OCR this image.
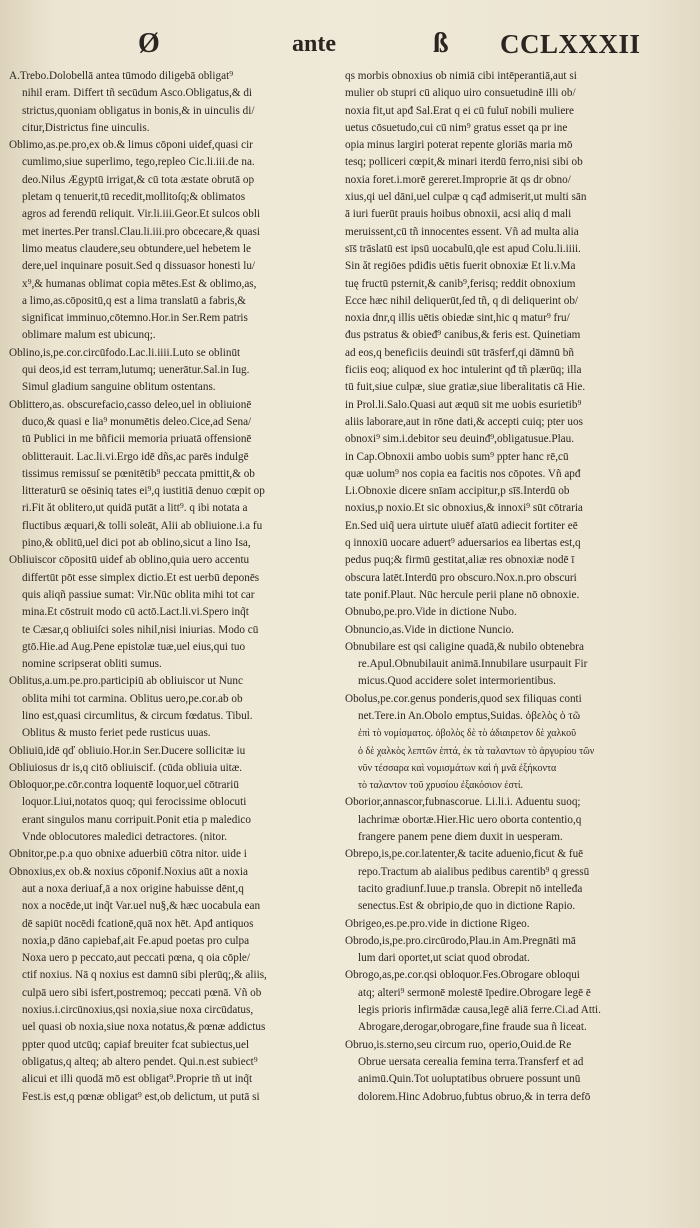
Ø	ante	ß CCLXXXII
A.Trebo.Dolobellā antea tūmodo diligebā obligat⁹
nihil eram. Differt tñ secūdum Asco.Obligatus,& di
strictus,quoniam obligatus in bonis,& in uinculis di/
citur,Districtus fine uinculis.
Oblimo,as.pe.pro,ex ob.& limus cōponi uidef,quasi cir
cumlimo,siue superlimo, tego,repleo Cic.li.iii.de na.
deo.Nilus Ægyptū irrigat,& cū tota æstate obrutā op
pletam q tenuerit,tū recedit,mollitoſq;& oblimatos
agros ad ferendū reliquit. Vir.li.iii.Geor.Et sulcos obli
met inertes.Per transl.Clau.li.iii.pro obcecare,& quasi
limo meatus claudere,seu obtundere,uel hebetem le
dere,uel inquinare posuit.Sed q dissuasor honesti lu/
x⁹,& humanas oblimat copia mētes.Est & oblimo,as,
a limo,as.cōpositū,q est a lima translatū a fabris,&
significat imminuo,cōtemno.Hor.in Ser.Rem patris
oblimare malum est ubicunq;.
Oblino,is,pe.cor.circūfodo.Lac.li.iiii.Luto se oblinūt
qui deos,id est terram,lutumq; uenerātur.Sal.in Iug.
Simul gladium sanguine oblitum ostentans.
Oblittero,as. obscurefacio,casso deleo,uel in obliuionē
duco,& quasi e lia⁹ monumētis deleo.Cice,ad Sena/
tū Publici in me bñficii memoria priuatā offensionē
oblitterauit. Lac.li.vi.Ergo idē dñs,ac parēs indulgē
tissimus remissuſ se pœnitētib⁹ peccata pmittit,& ob
litteraturū se oēsiniq tates ei⁹,q iustitiā denuo cœpit op
ri.Fit ăt oblitero,ut quidā putāt a litt⁹. q ibi notata a
fluctibus æquari,& tolli soleāt, Alii ab obliuione.i.a fu
pino,& oblitū,uel dici pot ab oblino,sicut a lino Isa,
Obliuiscor cōpositū uidef ab oblino,quia uero accentu
differtūt pōt esse simplex dictio.Et est uerbū deponēs
quis aliqñ passiue sumat: Vir.Nūc oblita mihi tot car
mina.Et cōstruit modo cū actō.Lact.li.vi.Spero inq̃t
te Cæsar,q obliuiſci soles nihil,nisi iniurias. Modo cū
gtō.Hie.ad Aug.Pene epistolæ tuæ,uel eius,qui tuo
nomine scripserat obliti sumus.
Oblitus,a.um.pe.pro.participiū ab obliuiscor ut Nunc
oblita mihi tot carmina. Oblitus uero,pe.cor.ab ob
lino est,quasi circumlitus, & circum fœdatus. Tibul.
Oblitus & musto feriet pede rusticus uuas.
Obliuiū,idē qď obliuio.Hor.in Ser.Ducere sollicitæ iu
Obliuiosus dr is,q citō obliuiscif. (cūda obliuia uitæ.
Obloquor,pe.cōr.contra loquentē loquor,uel cōtrariū
loquor.Liui,notatos quoq; qui ferocissime oblocuti
erant singulos manu corripuit.Ponit etia p maledico
Vnde oblocutores maledici detractores. (nitor.
Obnitor,pe.p.a quo obnixe aduerbiū cōtra nitor. uide i
Obnoxius,ex ob.& noxius cōponif.Noxius aūt a noxia
aut a noxa deriuaf,ā a nox origine habuisse dēnt,q
nox a nocēde,ut inq̃t Var.uel nu§,& hæc uocabula ean
dē sapiūt nocēdi fcationē,quā nox hēt. Apđ antiquos
noxia,p dāno capiebaf,ait Fe.apud poetas pro culpa
Noxa uero p peccato,aut peccati pœna, q oia cōple/
ctif noxius. Nā q noxius est damnū sibi plerūq;,& aliis,
culpā uero sibi isfert,postremoq; peccati pœnā. Vñ ob
noxius.i.circūnoxius,qsi noxia,siue noxa circūdatus,
uel quasi ob noxia,siue noxa notatus,& pœnæ addictus
ppter quod utcūq; capiaf breuiter fcat subiectus,uel
obligatus,q alteq; ab altero pendet. Qui.n.est subiect⁹
alicui et illi quodā mō est obligat⁹.Proprie tñ ut inq̃t
Fest.is est,q pœnæ obligat⁹ est,ob delictum, ut putā si
qs morbis obnoxius ob nimiā cibi intēperantiā,aut si
mulier ob stupri cū aliquo uiro consuetudinē illi ob/
noxia fit,ut apđ Sal.Erat q ei cū fuluī nobili muliere
uetus cōsuetudo,cui cū nim⁹ gratus esset qa pr ine
opia minus largiri poterat repente gloriās maria mō
tesq; polliceri cœpit,& minari iterdū ferro,nisi sibi ob
noxia foret.i.morē gereret.Improprie āt qs dr obno/
xius,qi uel dāni,uel culpæ q cąđ admiserit,ut multi sān
ā iuri fuerūt prauis hoibus obnoxii, acsi aliq d mali
meruissent,cū tñ innocentes essent. Vñ ad multa alia
sīs̄ trāslatū est ipsū uocabulū,qle est apud Colu.li.iiii.
Sin ăt regiōes pdiđis uētis fuerit obnoxiæ Et li.v.Ma
tuę fructū psternit,& canib⁹,ferisq; reddit obnoxium
Ecce hæc nihil deliquerūt,ſed tñ, q di deliquerint ob/
noxia dnr,q illis uētis obiedæ sint,hic q matur⁹ fru/
đus pstratus & obieđ⁹ canibus,& feris est. Quinetiam
ad eos,q beneficiis deuindi sūt trāsferf,qi dāmnū bñ
ficiis eoq; aliquod ex hoc intulerint qđ tñ plærūq; illa
tū fuit,siue culpæ, siue gratiæ,siue liberalitatis cā Hie.
in Prol.li.Salo.Quasi aut æquū sit me uobis esurietib⁹
aliis laborare,aut in rōne dati,& accepti cuiq; pter uos
obnoxi⁹ sim.i.debitor seu deuinđ⁹,obligatusue.Plau.
in Cap.Obnoxii ambo uobis sum⁹ ppter hanc rē,cū
quæ uolum⁹ nos copia ea facitis nos cōpotes. Vñ apđ
Li.Obnoxie dicere snīam accipitur,p sīs̄.Interdū ob
noxius,p noxio.Et sic obnoxius,& innoxi⁹ sūt cōtraria
En.Sed uiq̃ uera uirtute uiuēf aīatū adiecit fortiter eē
q innoxiū uocare aduert⁹ aduersarios ea libertas est,q
pedus puq;& firmū gestitat,aliæ res obnoxiæ nodē ī
obscura latēt.Interdū pro obscuro.Nox.n.pro obscuri
tate ponif.Plaut. Nūc hercule perii plane nō obnoxie.
Obnubo,pe.pro.Vide in dictione Nubo.
Obnuncio,as.Vide in dictione Nuncio.
Obnubilare est qsi caligine quadā,& nubilo obtenebra
re.Apul.Obnubilauit animā.Innubilare usurpauit Fir
micus.Quod accidere solet intermorientibus.
Obolus,pe.cor.genus ponderis,quod sex filiquas conti
net.Tere.in An.Obolo emptus,Suidas. ὀβελὸς ὁ τῶ
ἐπὶ τὸ νομίσματος. ὀβολὸς δὲ τὸ ἀδιαιρετον δὲ χαλκοῦ
ὁ δὲ χαλκὸς λεπτῶν ἑπτά, ἐκ τὰ ταλαντων τὸ ἀργυρίου τῶν
νῦν τέσσαρα καὶ νομισμάτων καὶ ἡ μνᾶ ἐξήκοντα
τὸ ταλαντον τοῦ χρυσίου ἐξακόσιον ἐστί.
Oborior,annascor,fubnascorue. Li.li.i. Aduentu suoq;
lachrimæ obortæ.Hier.Hic uero oborta contentio,q
frangere panem pene diem duxit in uesperam.
Obrepo,is,pe.cor.latenter,& tacite aduenio,ficut & fuē
repo.Tractum ab aialibus pedibus carentib⁹ q gressū
tacito gradiunf.Iuue.p transla. Obrepit nō intelleđa
senectus.Est & obripio,de quo in dictione Rapio.
Obrigeo,es.pe.pro.vide in dictione Rigeo.
Obrodo,is,pe.pro.circūrodo,Plau.in Am.Pregnāti mā
lum dari oportet,ut sciat quod obrodat.
Obrogo,as,pe.cor.qsi obloquor.Fes.Obrogare obloqui
atq; alteri⁹ sermonē molestē īpedire.Obrogare legē ē
legis prioris infirmādæ causa,legē aliā ferre.Ci.ad Atti.
Abrogare,derogar,obrogare,fine fraude sua ñ liceat.
Obruo,is.sterno,seu circum ruo, operio,Ouid.de Re
Obrue uersata cerealia femina terra.Transferf et ad
animū.Quin.Tot uoluptatibus obruere possunt unū
dolorem.Hinc Adobruo,fubtus obruo,& in terra defō
